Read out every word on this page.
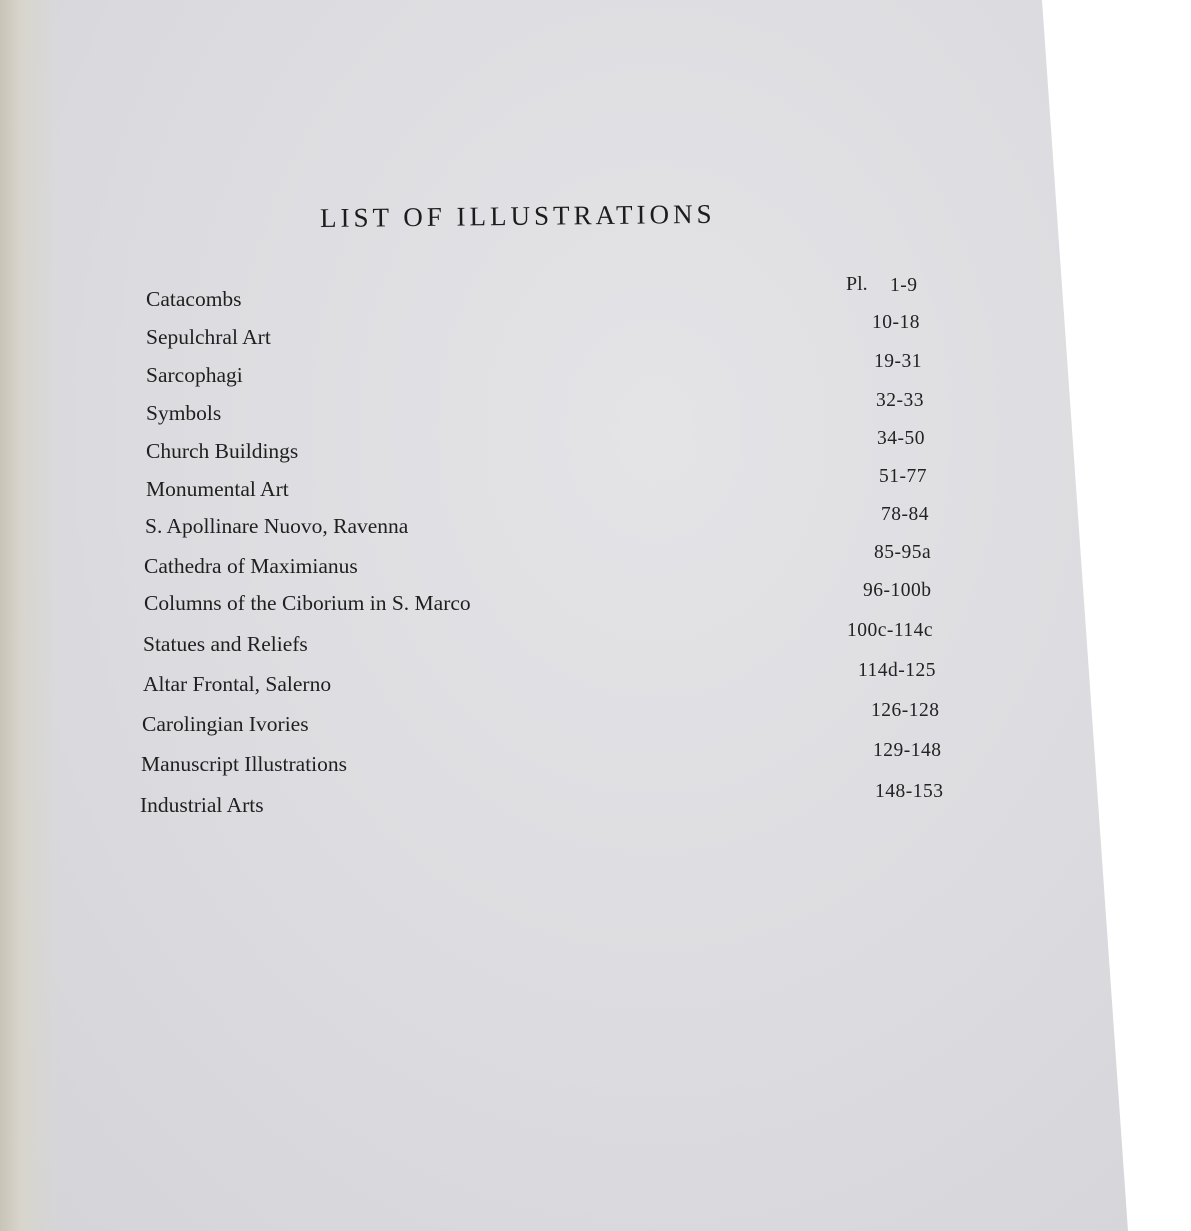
LIST OF ILLUSTRATIONS
Pl.
Catacombs
1-9
Sepulchral Art
10-18
Sarcophagi
19-31
Symbols
32-33
Church Buildings
34-50
Monumental Art
51-77
S. Apollinare Nuovo, Ravenna	78-84
Cathedra of Maximianus
85-95a
Columns of the Ciborium in S. Marco
96-100b
Statues and Reliefs
100c-114c
Altar Frontal, Salerno
114d-125
Carolingian Ivories
126-128
Manuscript Illustrations
129-148
Industrial Arts
148-153
